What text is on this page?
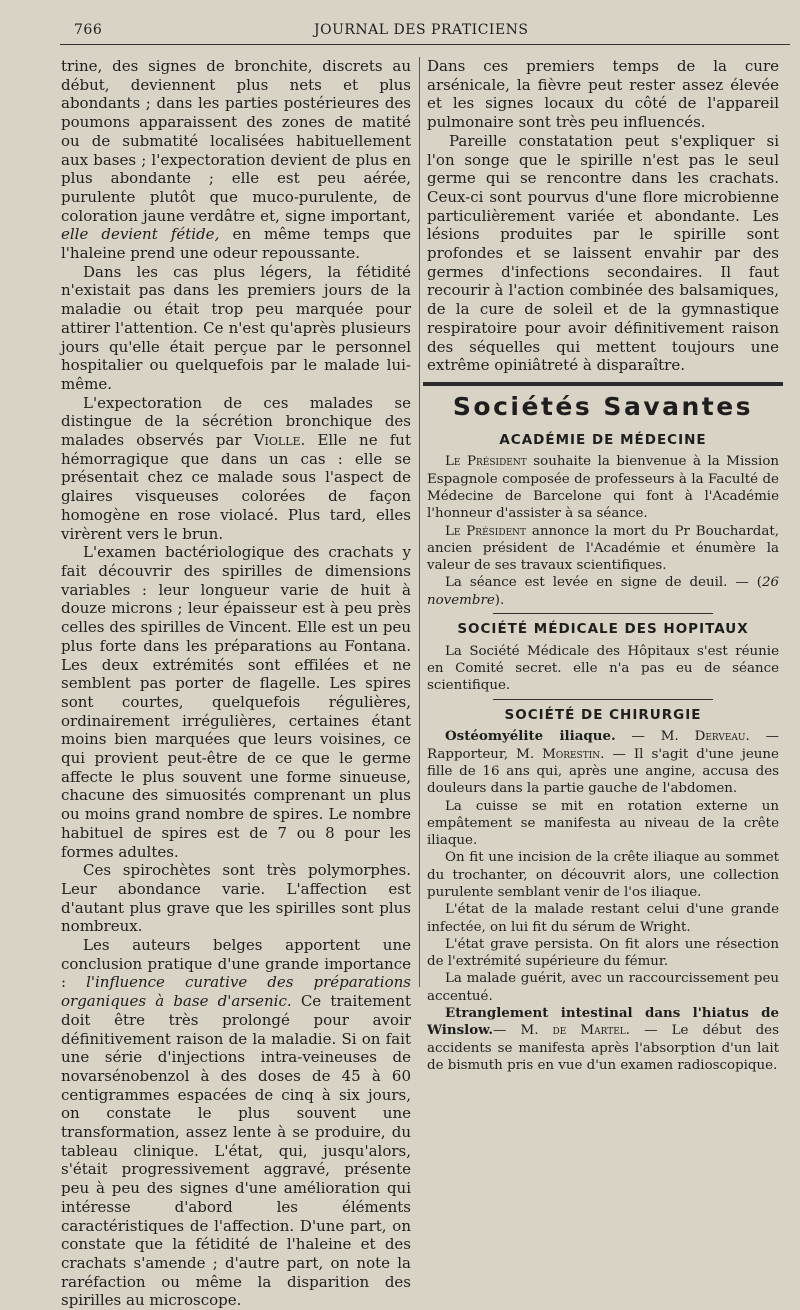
766	JOURNAL DES PRATICIENS

trine, des signes de bronchite, discrets au début, deviennent plus nets et plus abondants ; dans les parties postérieures des poumons apparaissent des zones de matité ou de submatité localisées habituellement aux bases ; l'expectoration devient de plus en plus abondante ; elle est peu aérée, purulente plutôt que muco-purulente, de coloration jaune verdâtre et, signe important, elle devient fétide, en même temps que l'haleine prend une odeur repoussante.

Dans les cas plus légers, la fétidité n'existait pas dans les premiers jours de la maladie ou était trop peu marquée pour attirer l'attention. Ce n'est qu'après plusieurs jours qu'elle était perçue par le personnel hospitalier ou quelquefois par le malade lui-même.

L'expectoration de ces malades se distingue de la sécrétion bronchique des malades observés par Violle. Elle ne fut hémorragique que dans un cas : elle se présentait chez ce malade sous l'aspect de glaires visqueuses colorées de façon homogène en rose violacé. Plus tard, elles virèrent vers le brun.

L'examen bactériologique des crachats y fait découvrir des spirilles de dimensions variables : leur longueur varie de huit à douze microns ; leur épaisseur est à peu près celles des spirilles de Vincent. Elle est un peu plus forte dans les préparations au Fontana. Les deux extrémités sont effilées et ne semblent pas porter de flagelle. Les spires sont courtes, quelquefois régulières, ordinairement irrégulières, certaines étant moins bien marquées que leurs voisines, ce qui provient peut-être de ce que le germe affecte le plus souvent une forme sinueuse, chacune des simuosités comprenant un plus ou moins grand nombre de spires. Le nombre habituel de spires est de 7 ou 8 pour les formes adultes.

Ces spirochètes sont très polymorphes. Leur abondance varie. L'affection est d'autant plus grave que les spirilles sont plus nombreux.

Les auteurs belges apportent une conclusion pratique d'une grande importance : l'influence curative des préparations organiques à base d'arsenic. Ce traitement doit être très prolongé pour avoir définitivement raison de la maladie. Si on fait une série d'injections intra-veineuses de novarsénobenzol à des doses de 45 à 60 centigrammes espacées de cinq à six jours, on constate le plus souvent une transformation, assez lente à se produire, du tableau clinique. L'état, qui, jusqu'alors, s'était progressivement aggravé, présente peu à peu des signes d'une amélioration qui intéresse d'abord les éléments caractéristiques de l'affection. D'une part, on constate que la fétidité de l'haleine et des crachats s'amende ; d'autre part, on note la raréfaction ou même la disparition des spirilles au microscope.

Dans ces premiers temps de la cure arsénicale, la fièvre peut rester assez élevée et les signes locaux du côté de l'appareil pulmonaire sont très peu influencés.

Pareille constatation peut s'expliquer si l'on songe que le spirille n'est pas le seul germe qui se rencontre dans les crachats. Ceux-ci sont pourvus d'une flore microbienne particulièrement variée et abondante. Les lésions produites par le spirille sont profondes et se laissent envahir par des germes d'infections secondaires. Il faut recourir à l'action combinée des balsamiques, de la cure de soleil et de la gymnastique respiratoire pour avoir définitivement raison des séquelles qui mettent toujours une extrême opiniâtreté à disparaître.

Sociétés Savantes
ACADÉMIE DE MÉDECINE

Le Président souhaite la bienvenue à la Mission Espagnole composée de professeurs à la Faculté de Médecine de Barcelone qui font à l'Académie l'honneur d'assister à sa séance.

Le Président annonce la mort du Pr Bouchardat, ancien président de l'Académie et énumère la valeur de ses travaux scientifiques.

La séance est levée en signe de deuil. — (26 novembre).

SOCIÉTÉ MÉDICALE DES HOPITAUX

La Société Médicale des Hôpitaux s'est réunie en Comité secret. elle n'a pas eu de séance scientifique.

SOCIÉTÉ DE CHIRURGIE

Ostéomyélite iliaque. — M. Derveau. — Rapporteur, M. Morestin. — Il s'agit d'une jeune fille de 16 ans qui, après une angine, accusa des douleurs dans la partie gauche de l'abdomen.

La cuisse se mit en rotation externe un empâtement se manifesta au niveau de la crête iliaque.

On fit une incision de la crête iliaque au sommet du trochanter, on découvrit alors, une collection purulente semblant venir de l'os iliaque.

L'état de la malade restant celui d'une grande infectée, on lui fit du sérum de Wright.

L'état grave persista. On fit alors une résection de l'extrémité supérieure du fémur.

La malade guérit, avec un raccourcissement peu accentué.

Etranglement intestinal dans l'hiatus de Winslow.— M. de Martel. — Le début des accidents se manifesta après l'absorption d'un lait de bismuth pris en vue d'un examen radioscopique.
